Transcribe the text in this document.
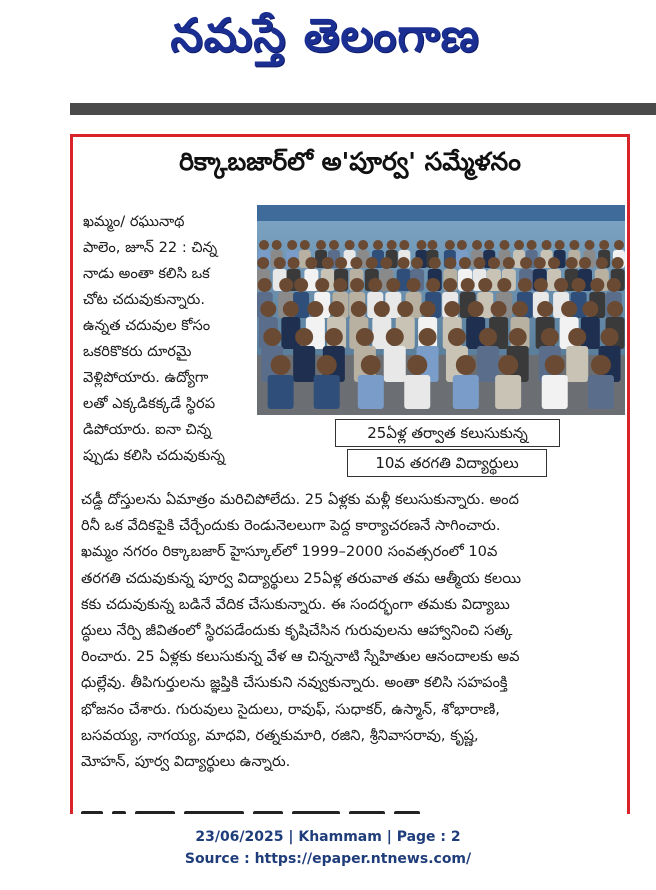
నమస్తే తెలంగాణ
రిక్కాబజార్‌లో అ'పూర్వ' సమ్మేళనం
ఖమ్మం/ రఘునాథ
పాలెం, జూన్ 22 : చిన్న
నాడు అంతా కలిసి ఒక
చోట చదువుకున్నారు.
ఉన్నత చదువుల కోసం
ఒకరికొకరు దూరమై
వెళ్లిపోయారు. ఉద్యోగా
లతో ఎక్కడికక్కడే స్థిరప
డిపోయారు. ఐనా చిన్న
ప్పుడు కలిసి చదువుకున్న
25ఏళ్ల తర్వాత కలుసుకున్న
10వ తరగతి విద్యార్థులు
చడ్డీ దోస్తులను ఏమాత్రం మరిచిపోలేదు. 25 ఏళ్లకు మళ్లీ కలుసుకున్నారు. అంద
రినీ ఒక వేదికపైకి చేర్చేందుకు రెండునెలలుగా పెద్ద కార్యాచరణనే సాగించారు.
ఖమ్మం నగరం రిక్కాబజార్ హైస్కూల్‌లో 1999–2000 సంవత్సరంలో 10వ
తరగతి చదువుకున్న పూర్వ విద్యార్థులు 25ఏళ్ల తరువాత తమ ఆత్మీయ కలయి
కకు చదువుకున్న బడినే వేదిక చేసుకున్నారు. ఈ సందర్భంగా తమకు విద్యాబు
ద్ధులు నేర్పి జీవితంలో స్థిరపడేందుకు కృషిచేసిన గురువులను ఆహ్వానించి సత్క
రించారు. 25 ఏళ్లకు కలుసుకున్న వేళ ఆ చిన్ననాటి స్నేహితుల ఆనందాలకు అవ
ధుల్లేవు. తీపిగుర్తులను జ్ఞప్తికి చేసుకుని నవ్వుకున్నారు. అంతా కలిసి సహపంక్తి
భోజనం చేశారు. గురువులు సైదులు, రావుఫ్, సుధాకర్, ఉస్మాన్, శోభారాణి,
బసవయ్య, నాగయ్య, మాధవి, రత్నకుమారి, రజిని, శ్రీనివాసరావు, కృష్ణ,
మోహన్, పూర్వ విద్యార్థులు ఉన్నారు.
23/06/2025 | Khammam | Page : 2
Source : https://epaper.ntnews.com/
